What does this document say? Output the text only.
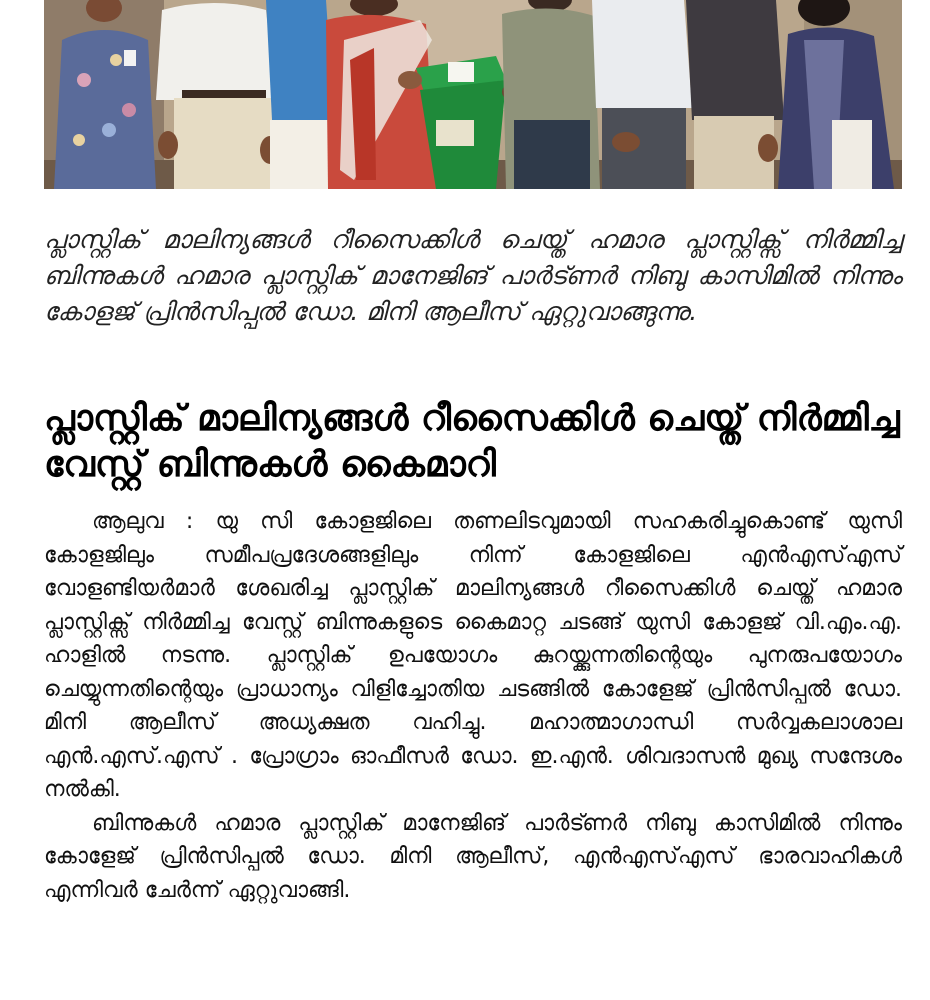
പ്ലാസ്റ്റിക് മാലിന്യങ്ങൾ റീസൈക്കിൾ ചെയ്ത് ഹമാര പ്ലാസ്റ്റിക്സ് നിർമ്മിച്ച ബിന്നുകൾ ഹമാര പ്ലാസ്റ്റിക് മാനേജിങ് പാർട്ണർ നിബു കാസിമിൽ നിന്നും കോളജ് പ്രിൻസിപ്പൽ ഡോ. മിനി ആലീസ് ഏറ്റുവാങ്ങുന്നു.

പ്ലാസ്റ്റിക് മാലിന്യങ്ങൾ റീസൈക്കിൾ ചെയ്ത് നിർമ്മിച്ച വേസ്റ്റ് ബിന്നുകൾ കൈമാറി

ആലുവ : യു സി കോളജിലെ തണലിടവുമായി സഹകരിച്ചുകൊണ്ട് യുസി കോളജിലും സമീപപ്രദേശങ്ങളിലും നിന്ന് കോളജിലെ എൻഎസ്എസ് വോളണ്ടിയർമാർ ശേഖരിച്ച പ്ലാസ്റ്റിക് മാലിന്യങ്ങൾ റീസൈക്കിൾ ചെയ്ത് ഹമാര പ്ലാസ്റ്റിക്സ് നിർമ്മിച്ച വേസ്റ്റ് ബിന്നുകളുടെ കൈമാറ്റ ചടങ്ങ് യുസി കോളജ് വി.എം.എ. ഹാളിൽ നടന്നു. പ്ലാസ്റ്റിക് ഉപയോഗം കുറയ്ക്കുന്നതിന്റെയും പുനരുപയോഗം ചെയ്യുന്നതിന്റെയും പ്രാധാന്യം വിളിച്ചോതിയ ചടങ്ങിൽ കോളേജ് പ്രിൻസിപ്പൽ ഡോ. മിനി ആലീസ് അധ്യക്ഷത വഹിച്ചു. മഹാത്മാഗാന്ധി സർവ്വകലാശാല എൻ.എസ്.എസ് . പ്രോഗ്രാം ഓഫീസർ ഡോ. ഇ.എൻ. ശിവദാസൻ മുഖ്യ സന്ദേശം നൽകി.

ബിന്നുകൾ ഹമാര പ്ലാസ്റ്റിക് മാനേജിങ് പാർട്ണർ നിബു കാസിമിൽ നിന്നും കോളേജ് പ്രിൻസിപ്പൽ ഡോ. മിനി ആലീസ്, എൻഎസ്എസ് ഭാരവാഹികൾ എന്നിവർ ചേർന്ന് ഏറ്റുവാങ്ങി.
